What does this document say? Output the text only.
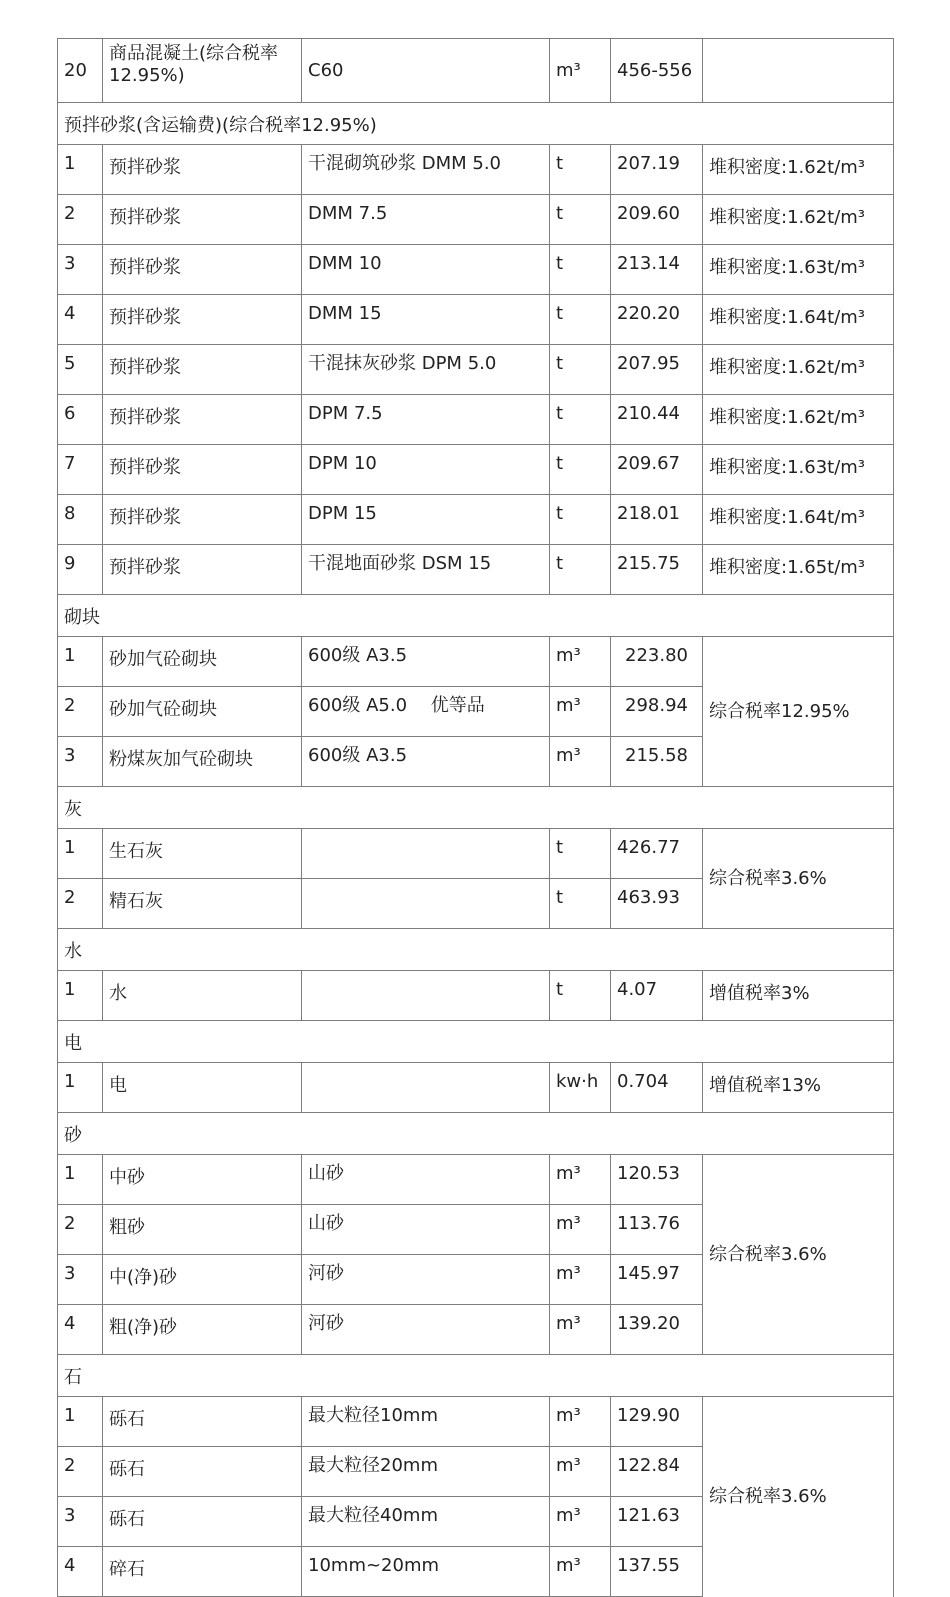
20	商品混凝土(综合税率12.95%)	C60	m³	456-556	
预拌砂浆(含运输费)(综合税率12.95%)					
1	预拌砂浆	干混砌筑砂浆 DMM 5.0	t	207.19	堆积密度:1.62t/m³
2	预拌砂浆	DMM 7.5	t	209.60	堆积密度:1.62t/m³
3	预拌砂浆	DMM 10	t	213.14	堆积密度:1.63t/m³
4	预拌砂浆	DMM 15	t	220.20	堆积密度:1.64t/m³
5	预拌砂浆	干混抹灰砂浆 DPM 5.0	t	207.95	堆积密度:1.62t/m³
6	预拌砂浆	DPM 7.5	t	210.44	堆积密度:1.62t/m³
7	预拌砂浆	DPM 10	t	209.67	堆积密度:1.63t/m³
8	预拌砂浆	DPM 15	t	218.01	堆积密度:1.64t/m³
9	预拌砂浆	干混地面砂浆 DSM 15	t	215.75	堆积密度:1.65t/m³
砌块					
1	砂加气砼砌块	600级 A3.5	m³	223.80	综合税率12.95%
2	砂加气砼砌块	600级 A5.0　 优等品	m³	298.94	
3	粉煤灰加气砼砌块	600级 A3.5	m³	215.58	
灰					
1	生石灰		t	426.77	综合税率3.6%
2	精石灰		t	463.93	
水					
1	水		t	4.07	增值税率3%
电					
1	电		kw·h	0.704	增值税率13%
砂					
1	中砂	山砂	m³	120.53	综合税率3.6%
2	粗砂	山砂	m³	113.76	
3	中(净)砂	河砂	m³	145.97	
4	粗(净)砂	河砂	m³	139.20	
石					
1	砾石	最大粒径10mm	m³	129.90	综合税率3.6%
2	砾石	最大粒径20mm	m³	122.84	
3	砾石	最大粒径40mm	m³	121.63	
4	碎石	10mm~20mm	m³	137.55	
